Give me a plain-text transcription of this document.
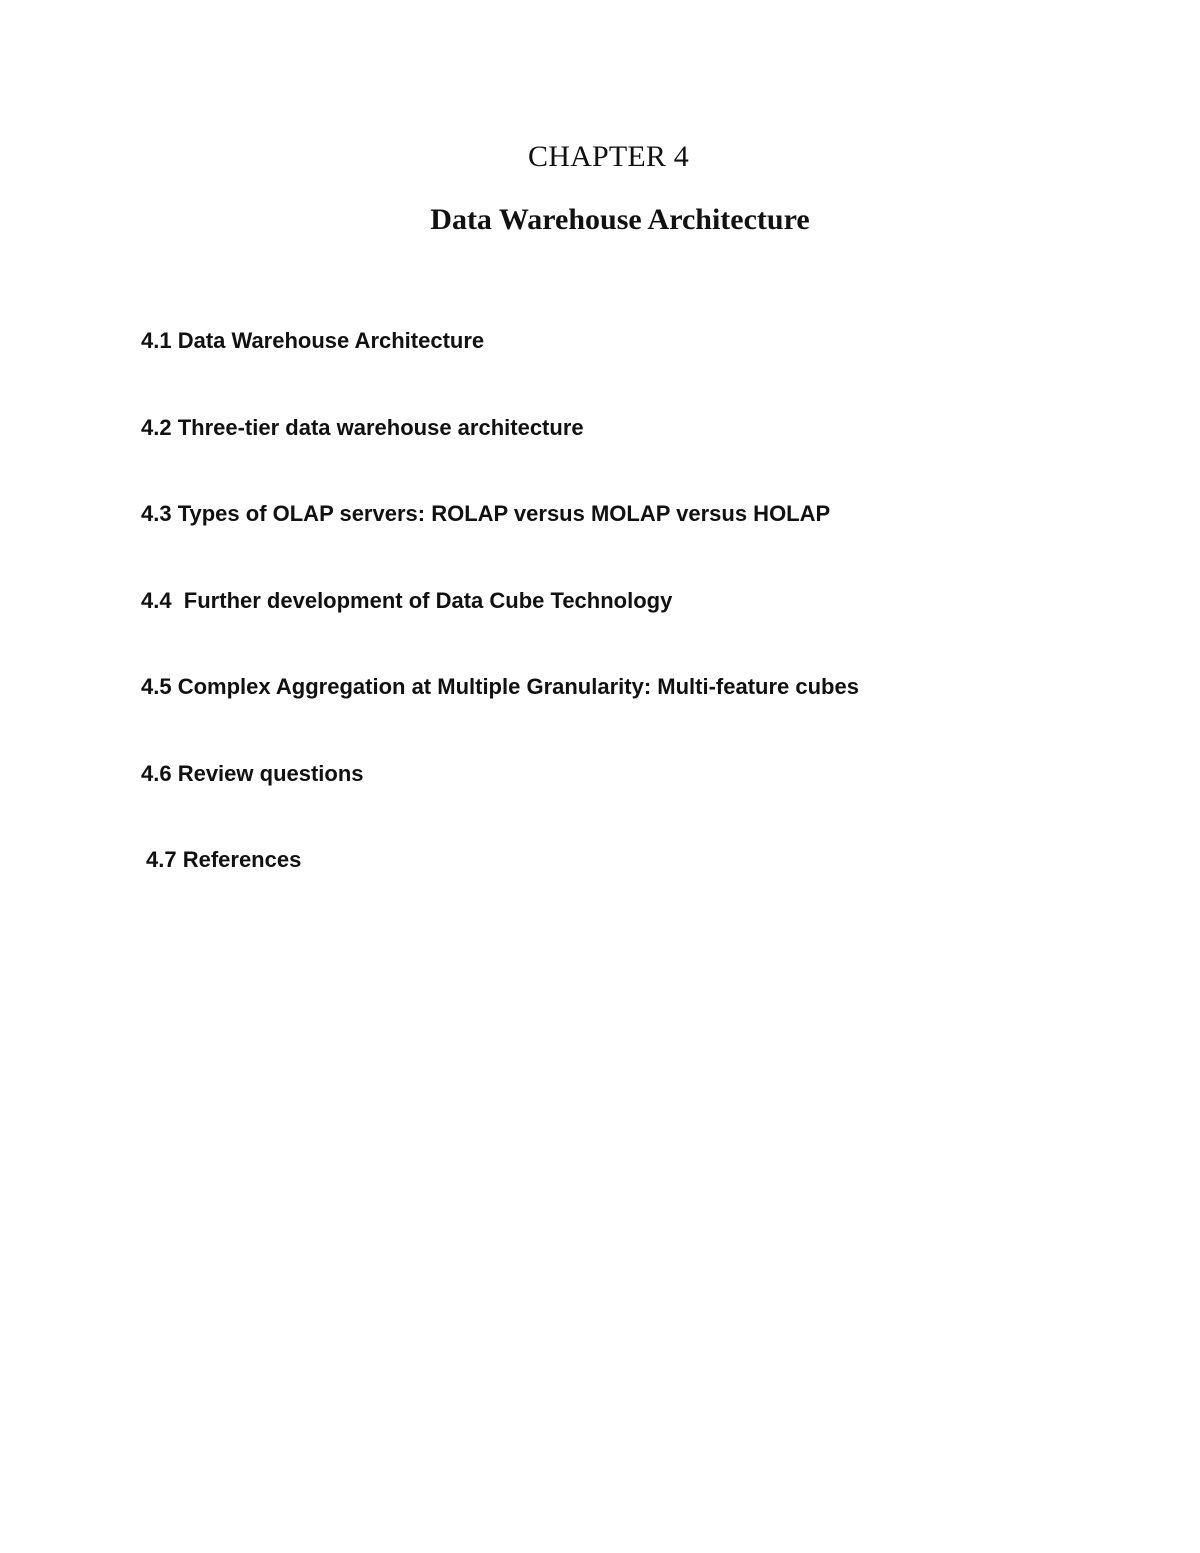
CHAPTER 4
Data Warehouse Architecture
4.1 Data Warehouse Architecture
4.2 Three-tier data warehouse architecture
4.3 Types of OLAP servers: ROLAP versus MOLAP versus HOLAP
4.4  Further development of Data Cube Technology
4.5 Complex Aggregation at Multiple Granularity: Multi-feature cubes
4.6 Review questions
4.7 References
